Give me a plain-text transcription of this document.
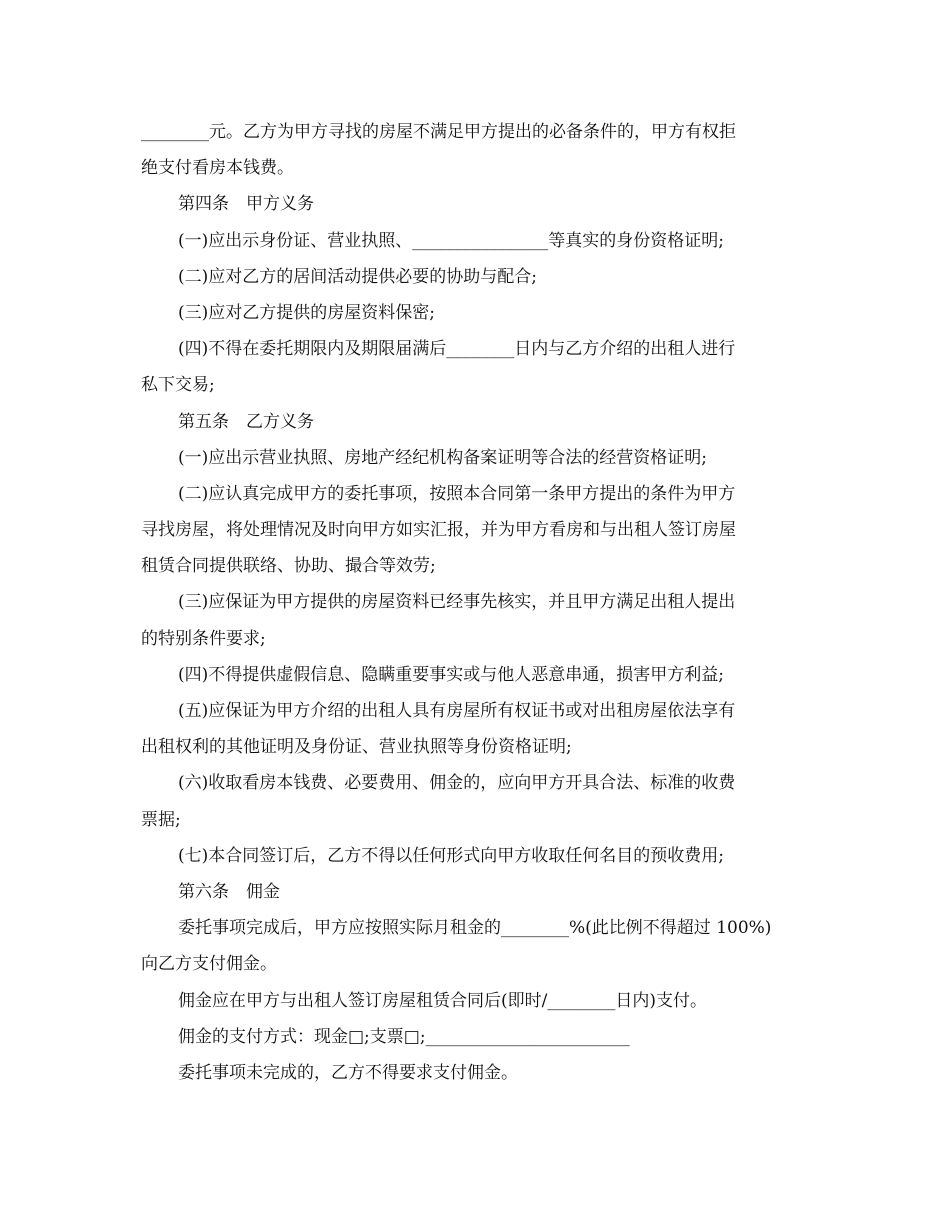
________元。乙方为甲方寻找的房屋不满足甲方提出的必备条件的，甲方有权拒
绝支付看房本钱费。
第四条　甲方义务
(一)应出示身份证、营业执照、________________等真实的身份资格证明;
(二)应对乙方的居间活动提供必要的协助与配合;
(三)应对乙方提供的房屋资料保密;
(四)不得在委托期限内及期限届满后________日内与乙方介绍的出租人进行
私下交易;
第五条　乙方义务
(一)应出示营业执照、房地产经纪机构备案证明等合法的经营资格证明;
(二)应认真完成甲方的委托事项，按照本合同第一条甲方提出的条件为甲方
寻找房屋，将处理情况及时向甲方如实汇报，并为甲方看房和与出租人签订房屋
租赁合同提供联络、协助、撮合等效劳;
(三)应保证为甲方提供的房屋资料已经事先核实，并且甲方满足出租人提出
的特别条件要求;
(四)不得提供虚假信息、隐瞒重要事实或与他人恶意串通，损害甲方利益;
(五)应保证为甲方介绍的出租人具有房屋所有权证书或对出租房屋依法享有
出租权利的其他证明及身份证、营业执照等身份资格证明;
(六)收取看房本钱费、必要费用、佣金的，应向甲方开具合法、标准的收费
票据;
(七)本合同签订后，乙方不得以任何形式向甲方收取任何名目的预收费用;
第六条　佣金
委托事项完成后，甲方应按照实际月租金的________%(此比例不得超过 100%)
向乙方支付佣金。
佣金应在甲方与出租人签订房屋租赁合同后(即时/________日内)支付。
佣金的支付方式：现金□;支票□;________________________
委托事项未完成的，乙方不得要求支付佣金。
